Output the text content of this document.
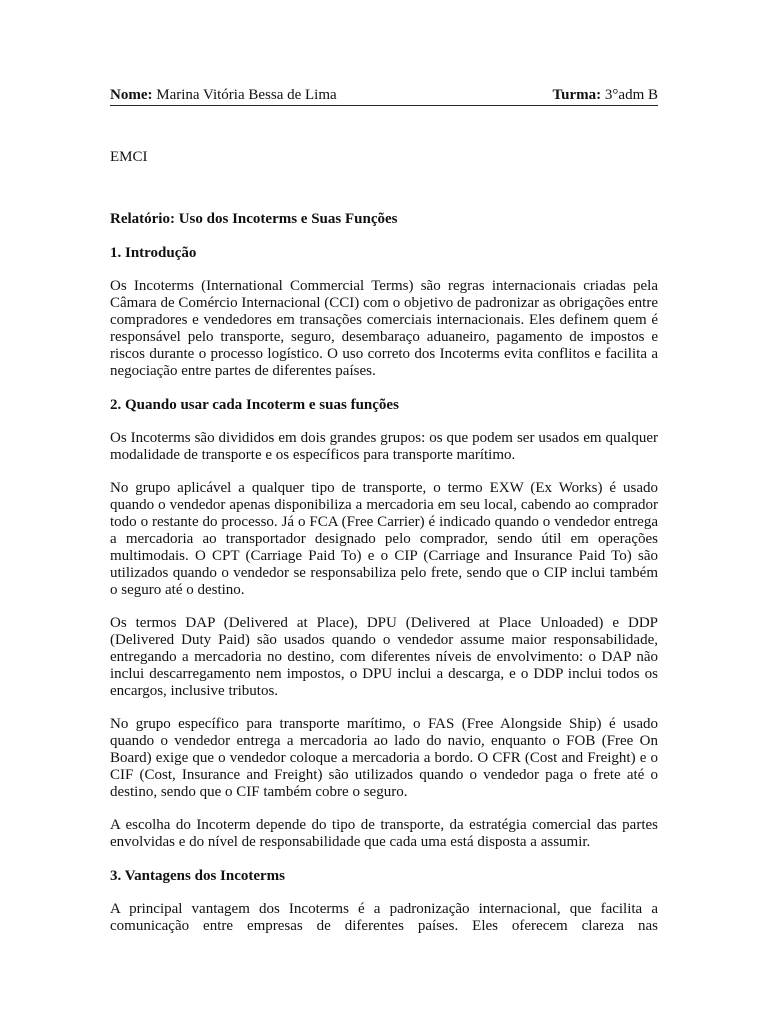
Nome: Marina Vitória Bessa de Lima	Turma: 3°adm B
EMCI
Relatório: Uso dos Incoterms e Suas Funções
1. Introdução

Os Incoterms (International Commercial Terms) são regras internacionais criadas pela Câmara de Comércio Internacional (CCI) com o objetivo de padronizar as obrigações entre compradores e vendedores em transações comerciais internacionais. Eles definem quem é responsável pelo transporte, seguro, desembaraço aduaneiro, pagamento de impostos e riscos durante o processo logístico. O uso correto dos Incoterms evita conflitos e facilita a negociação entre partes de diferentes países.

2. Quando usar cada Incoterm e suas funções

Os Incoterms são divididos em dois grandes grupos: os que podem ser usados em qualquer modalidade de transporte e os específicos para transporte marítimo.

No grupo aplicável a qualquer tipo de transporte, o termo EXW (Ex Works) é usado quando o vendedor apenas disponibiliza a mercadoria em seu local, cabendo ao comprador todo o restante do processo. Já o FCA (Free Carrier) é indicado quando o vendedor entrega a mercadoria ao transportador designado pelo comprador, sendo útil em operações multimodais. O CPT (Carriage Paid To) e o CIP (Carriage and Insurance Paid To) são utilizados quando o vendedor se responsabiliza pelo frete, sendo que o CIP inclui também o seguro até o destino.

Os termos DAP (Delivered at Place), DPU (Delivered at Place Unloaded) e DDP (Delivered Duty Paid) são usados quando o vendedor assume maior responsabilidade, entregando a mercadoria no destino, com diferentes níveis de envolvimento: o DAP não inclui descarregamento nem impostos, o DPU inclui a descarga, e o DDP inclui todos os encargos, inclusive tributos.

No grupo específico para transporte marítimo, o FAS (Free Alongside Ship) é usado quando o vendedor entrega a mercadoria ao lado do navio, enquanto o FOB (Free On Board) exige que o vendedor coloque a mercadoria a bordo. O CFR (Cost and Freight) e o CIF (Cost, Insurance and Freight) são utilizados quando o vendedor paga o frete até o destino, sendo que o CIF também cobre o seguro.

A escolha do Incoterm depende do tipo de transporte, da estratégia comercial das partes envolvidas e do nível de responsabilidade que cada uma está disposta a assumir.

3. Vantagens dos Incoterms

A principal vantagem dos Incoterms é a padronização internacional, que facilita a comunicação entre empresas de diferentes países. Eles oferecem clareza nas
